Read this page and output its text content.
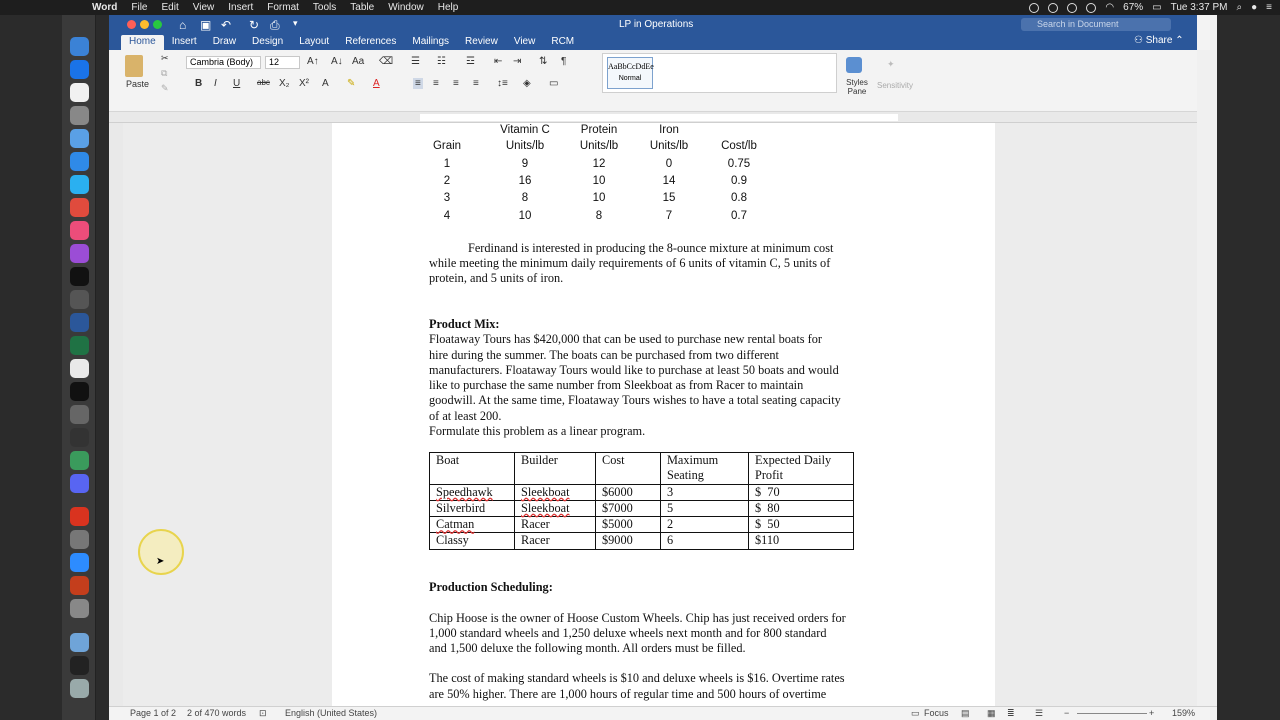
Word File Edit View Insert Format Tools Table Window Help	◠ 67% ▭ Tue 3:37 PM ⌕ ● ≡
⌂ ▣ ↶ ↻ ⎙ ▾	LP in Operations	Search in Document
Home	Insert	Draw	Design	Layout	References	Mailings	Review	View	RCM	⚇ Share ⌃
Paste
✂
⧉
✎
Cambria (Body)	12	A↑ A↓ Aa ⌫
B I U abc X₂ X² A ✎ A
☰ ☷ ☲ ⇤ ⇥ ⇅ ¶
≡ ≡ ≡ ≡ ↕≡ ◈ ▭
AaBbCcDdEe
Normal	Styles Pane
✦
Sensitivity
Vitamin C	Protein	Iron
Grain	Units/lb	Units/lb	Units/lb	Cost/lb
1	9	12	0	0.75
2	16	10	14	0.9
3	8	10	15	0.8
4	10	8	7	0.7
Ferdinand is interested in producing the 8-ounce mixture at minimum cost
while meeting the minimum daily requirements of 6 units of vitamin C, 5 units of
protein, and 5 units of iron.
Product Mix:
Floataway Tours has $420,000 that can be used to purchase new rental boats for
hire during the summer. The boats can be purchased from two different
manufacturers. Floataway Tours would like to purchase at least 50 boats and would
like to purchase the same number from Sleekboat as from Racer to maintain
goodwill. At the same time, Floataway Tours wishes to have a total seating capacity
of at least 200.
Formulate this problem as a linear program.
Boat	Builder	Cost	Maximum Seating	Expected Daily Profit
Speedhawk	Sleekboat	$6000	3	$  70
Silverbird	Sleekboat	$7000	5	$  80
Catman	Racer	$5000	2	$  50
Classy	Racer	$9000	6	$110
Production Scheduling:
Chip Hoose is the owner of Hoose Custom Wheels. Chip has just received orders for
1,000 standard wheels and 1,250 deluxe wheels next month and for 800 standard
and 1,500 deluxe the following month. All orders must be filled.
The cost of making standard wheels is $10 and deluxe wheels is $16. Overtime rates
are 50% higher. There are 1,000 hours of regular time and 500 hours of overtime
Page 1 of 2 2 of 470 words ⊡ English (United States)	▭ Focus ▤ ▦ ≣ ☰ −	+ 159%
➤
